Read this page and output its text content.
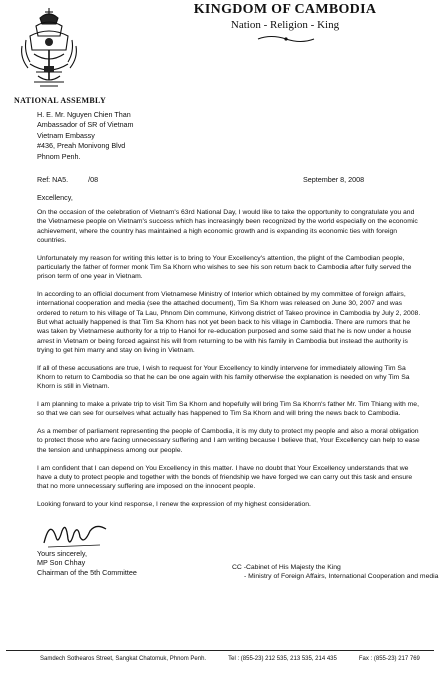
KINGDOM OF CAMBODIA
Nation - Religion - King
NATIONAL ASSEMBLY
H. E. Mr. Nguyen Chien Than
Ambassador of SR of Vietnam
Vietnam Embassy
#436, Preah Monivong Blvd
Phnom Penh.
Ref: NA5.          /08	September 8, 2008
Excellency,

On the occasion of the celebration of Vietnam's 63rd National Day, I would like to take the opportunity to congratulate you and the Vietnamese people on Vietnam's success which has increasingly been recognized by the world especially on the economic achievement, where the country has maintained a high economic growth and is expanding its economic ties with foreign countries.

Unfortunately my reason for writing this letter is to bring to Your Excellency's attention, the plight of the Cambodian people, particularly the father of former monk Tim Sa Khorn who wishes to see his son return back to Cambodia after fully served the prison term of one year in Vietnam.

In according to an official document from Vietnamese Ministry of Interior which obtained by my committee of foreign affairs, international cooperation and media (see the attached document), Tim Sa Khorn was released on June 30, 2007 and was ordered to return to his village of Ta Lau, Phnom Din commune, Kirivong district of Takeo province in Cambodia by July 2, 2008. But what actually happened is that Tim Sa Khorn has not yet been back to his village in Cambodia. There are rumors that he was taken by Vietnamese authority for a trip to Hanoi for re-education purposed and some said that he is now under a house arrest in Vietnam or being forced against his will from returning to be with his family in Cambodia but instead the authority is trying to get him marry and stay on living in Vietnam.

If all of these accusations are true, I wish to request for Your Excellency to kindly intervene for immediately allowing Tim Sa Khorn to return to Cambodia so that he can be one again with his family otherwise the explanation is needed on why Tim Sa Khorn is still in Vietnam.

I am planning to make a private trip to visit Tim Sa Khorn and hopefully will bring Tim Sa Khorn's father Mr. Tim Thiang with me, so that we can see for ourselves what actually has happened to Tim Sa Khorn and will bring the news back to Cambodia.

As a member of parliament representing the people of Cambodia, it is my duty to protect my people and also a moral obligation to protect those who are facing unnecessary suffering and I am writing because I believe that, Your Excellency can help to ease the tension and unhappiness among our people.

I am confident that I can depend on You Excellency in this matter. I have no doubt that Your Excellency understands that we have a duty to protect people and together with the bonds of friendship we have forged we can carry out this task and ensure that no more unnecessary suffering are imposed on the innocent people.

Looking forward to your kind response, I renew the expression of my highest consideration.

Yours sincerely,
MP Son Chhay
Chairman of the 5th Committee
CC -Cabinet of His Majesty the King
- Ministry of Foreign Affairs, International Cooperation and media
Samdech Sothearos Street, Sangkat Chatomuk, Phnom Penh.	Tel : (855-23) 212 535, 213 535, 214 435	Fax : (855-23) 217 769
